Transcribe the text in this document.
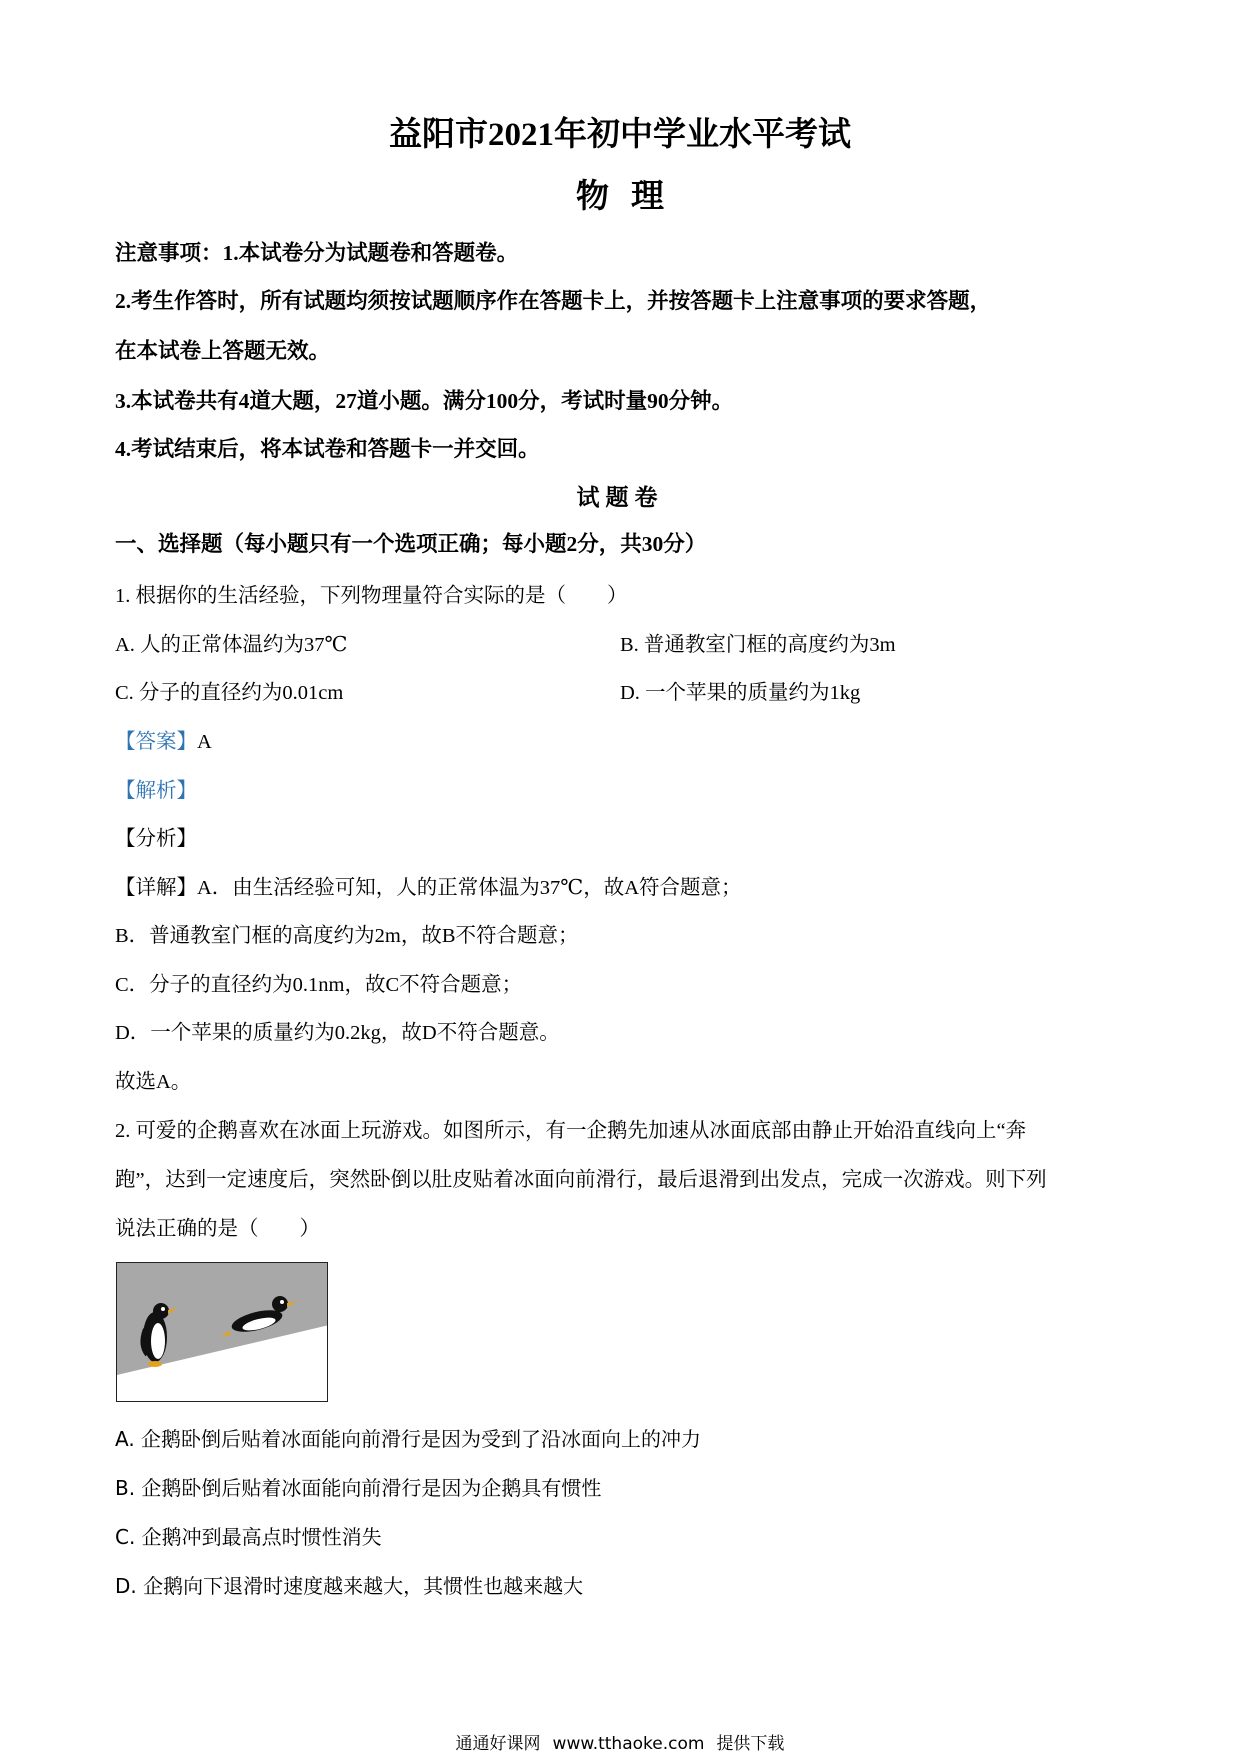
益阳市2021年初中学业水平考试
物理
注意事项：1.本试卷分为试题卷和答题卷。
2.考生作答时，所有试题均须按试题顺序作在答题卡上，并按答题卡上注意事项的要求答题，
在本试卷上答题无效。
3.本试卷共有4道大题，27道小题。满分100分，考试时量90分钟。
4.考试结束后，将本试卷和答题卡一并交回。
试题卷
一、选择题（每小题只有一个选项正确；每小题2分，共30分）
1. 根据你的生活经验，下列物理量符合实际的是（　　）
A. 人的正常体温约为37℃	B. 普通教室门框的高度约为3m
C. 分子的直径约为0.01cm	D. 一个苹果的质量约为1kg
【答案】A
【解析】
【分析】
【详解】A．由生活经验可知，人的正常体温为37℃，故A符合题意；
B．普通教室门框的高度约为2m，故B不符合题意；
C．分子的直径约为0.1nm，故C不符合题意；
D．一个苹果的质量约为0.2kg，故D不符合题意。
故选A。
2. 可爱的企鹅喜欢在冰面上玩游戏。如图所示，有一企鹅先加速从冰面底部由静止开始沿直线向上“奔
跑”，达到一定速度后，突然卧倒以肚皮贴着冰面向前滑行，最后退滑到出发点，完成一次游戏。则下列
说法正确的是（　　）
A. 企鹅卧倒后贴着冰面能向前滑行是因为受到了沿冰面向上的冲力
B. 企鹅卧倒后贴着冰面能向前滑行是因为企鹅具有惯性
C. 企鹅冲到最高点时惯性消失
D. 企鹅向下退滑时速度越来越大，其惯性也越来越大
通通好课网 www.tthaoke.com 提供下载
